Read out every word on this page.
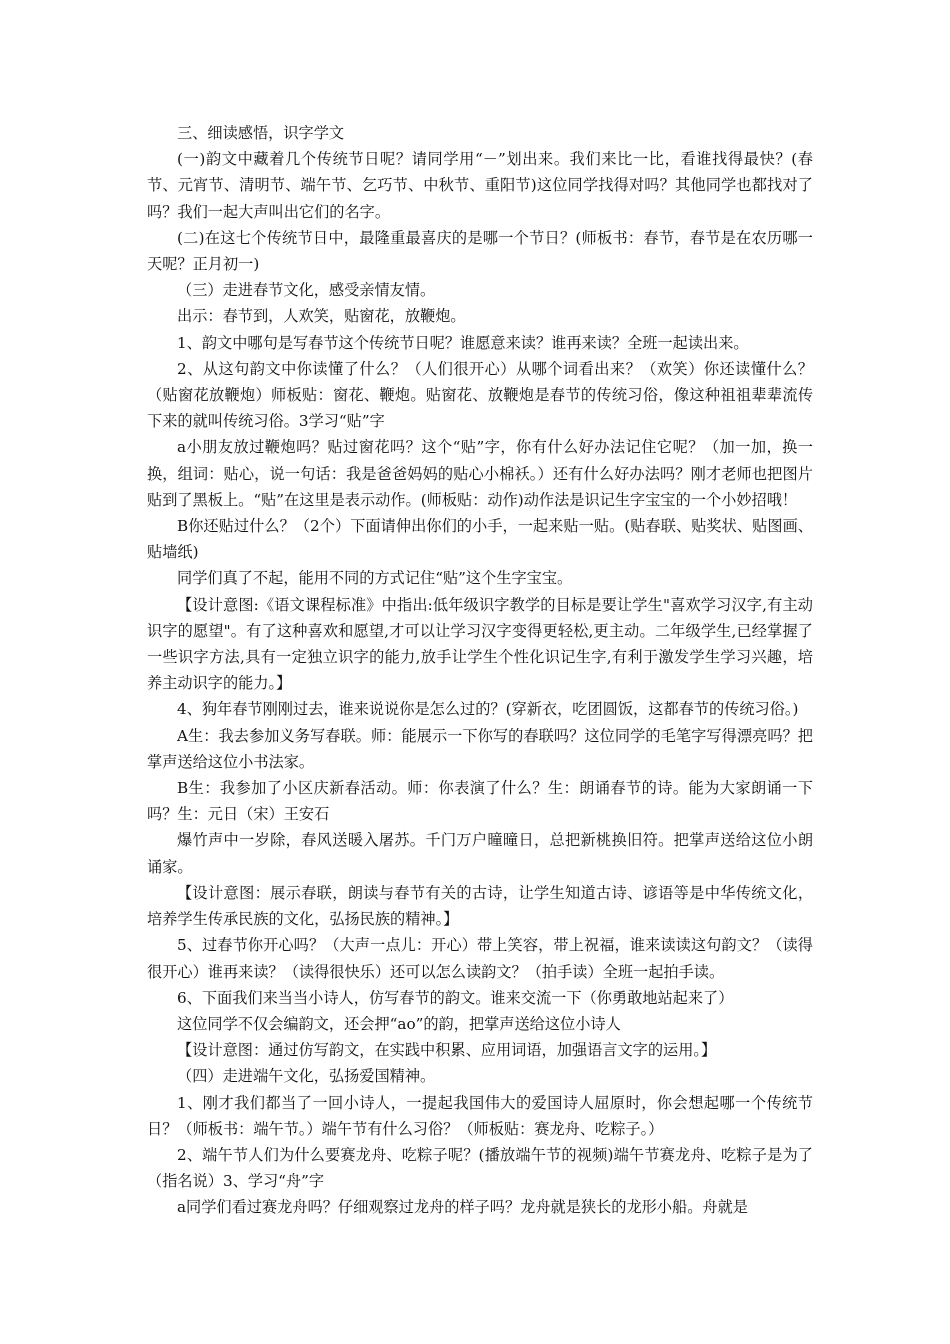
三、细读感悟，识字学文

(一)韵文中藏着几个传统节日呢？请同学用“－”划出来。我们来比一比，看谁找得最快？(春节、元宵节、清明节、端午节、乞巧节、中秋节、重阳节)这位同学找得对吗？其他同学也都找对了吗？我们一起大声叫出它们的名字。

(二)在这七个传统节日中，最隆重最喜庆的是哪一个节日？(师板书：春节，春节是在农历哪一天呢？正月初一)

（三）走进春节文化，感受亲情友情。

出示：春节到，人欢笑，贴窗花，放鞭炮。

1、韵文中哪句是写春节这个传统节日呢？谁愿意来读？谁再来读？全班一起读出来。

2、从这句韵文中你读懂了什么？（人们很开心）从哪个词看出来？（欢笑）你还读懂什么？（贴窗花放鞭炮）师板贴：窗花、鞭炮。贴窗花、放鞭炮是春节的传统习俗，像这种祖祖辈辈流传下来的就叫传统习俗。3学习“贴”字

a小朋友放过鞭炮吗？贴过窗花吗？这个“贴”字，你有什么好办法记住它呢？（加一加，换一换，组词：贴心，说一句话：我是爸爸妈妈的贴心小棉袄。）还有什么好办法吗？刚才老师也把图片贴到了黑板上。“贴”在这里是表示动作。(师板贴：动作)动作法是识记生字宝宝的一个小妙招哦！

B你还贴过什么？（2个）下面请伸出你们的小手，一起来贴一贴。(贴春联、贴奖状、贴图画、贴墙纸)

同学们真了不起，能用不同的方式记住“贴”这个生字宝宝。

【设计意图:《语文课程标准》中指出:低年级识字教学的目标是要让学生"喜欢学习汉字,有主动识字的愿望"。有了这种喜欢和愿望,才可以让学习汉字变得更轻松,更主动。二年级学生,已经掌握了一些识字方法,具有一定独立识字的能力,放手让学生个性化识记生字,有利于激发学生学习兴趣，培养主动识字的能力。】

4、狗年春节刚刚过去，谁来说说你是怎么过的？(穿新衣，吃团圆饭，这都春节的传统习俗。)

A生：我去参加义务写春联。师：能展示一下你写的春联吗？这位同学的毛笔字写得漂亮吗？把掌声送给这位小书法家。

B生：我参加了小区庆新春活动。师：你表演了什么？生：朗诵春节的诗。能为大家朗诵一下吗？生：元日（宋）王安石

爆竹声中一岁除，春风送暖入屠苏。千门万户曈曈日，总把新桃换旧符。把掌声送给这位小朗诵家。

【设计意图：展示春联，朗读与春节有关的古诗，让学生知道古诗、谚语等是中华传统文化，培养学生传承民族的文化，弘扬民族的精神。】

5、过春节你开心吗？（大声一点儿：开心）带上笑容，带上祝福，谁来读读这句韵文？（读得很开心）谁再来读？（读得很快乐）还可以怎么读韵文？（拍手读）全班一起拍手读。

6、下面我们来当当小诗人，仿写春节的韵文。谁来交流一下（你勇敢地站起来了）

这位同学不仅会编韵文，还会押“ao”的韵，把掌声送给这位小诗人

【设计意图：通过仿写韵文，在实践中积累、应用词语，加强语言文字的运用。】

（四）走进端午文化，弘扬爱国精神。

1、刚才我们都当了一回小诗人，一提起我国伟大的爱国诗人屈原时，你会想起哪一个传统节日？（师板书：端午节。）端午节有什么习俗？（师板贴：赛龙舟、吃粽子。）

2、端午节人们为什么要赛龙舟、吃粽子呢？(播放端午节的视频)端午节赛龙舟、吃粽子是为了（指名说）3、学习“舟”字

a同学们看过赛龙舟吗？仔细观察过龙舟的样子吗？龙舟就是狭长的龙形小船。舟就是
